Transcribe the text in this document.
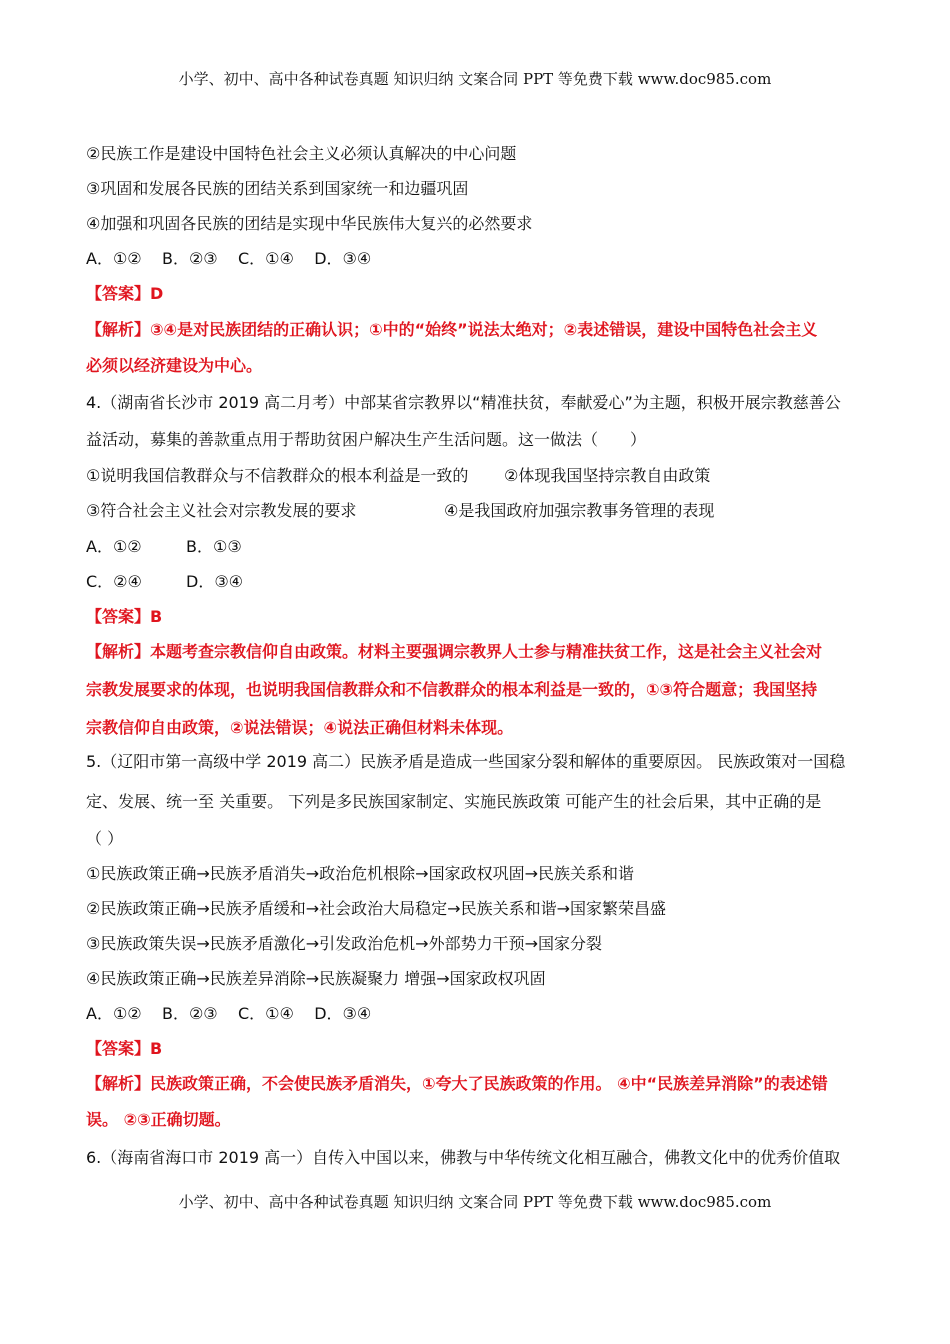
小学、初中、高中各种试卷真题 知识归纳 文案合同 PPT 等免费下载 www.doc985.com
②民族工作是建设中国特色社会主义必须认真解决的中心问题
③巩固和发展各民族的团结关系到国家统一和边疆巩固
④加强和巩固各民族的团结是实现中华民族伟大复兴的必然要求
A．①②    B．②③    C．①④    D．③④
【答案】D
【解析】③④是对民族团结的正确认识；①中的“始终”说法太绝对；②表述错误，建设中国特色社会主义
必须以经济建设为中心。
4.（湖南省长沙市 2019 高二月考）中部某省宗教界以“精准扶贫，奉献爱心”为主题，积极开展宗教慈善公
益活动，募集的善款重点用于帮助贫困户解决生产生活问题。这一做法（　　）
①说明我国信教群众与不信教群众的根本利益是一致的 ②体现我国坚持宗教自由政策
③符合社会主义社会对宗教发展的要求	④是我国政府加强宗教事务管理的表现
A．①②	B．①③
C．②④	D．③④
【答案】B
【解析】本题考查宗教信仰自由政策。材料主要强调宗教界人士参与精准扶贫工作，这是社会主义社会对
宗教发展要求的体现，也说明我国信教群众和不信教群众的根本利益是一致的，①③符合题意；我国坚持
宗教信仰自由政策，②说法错误；④说法正确但材料未体现。
5.（辽阳市第一高级中学 2019 高二）民族矛盾是造成一些国家分裂和解体的重要原因。 民族政策对一国稳
定、发展、统一至 关重要。 下列是多民族国家制定、实施民族政策 可能产生的社会后果，其中正确的是
（ ）
①民族政策正确→民族矛盾消失→政治危机根除→国家政权巩固→民族关系和谐
②民族政策正确→民族矛盾缓和→社会政治大局稳定→民族关系和谐→国家繁荣昌盛
③民族政策失误→民族矛盾激化→引发政治危机→外部势力干预→国家分裂
④民族政策正确→民族差异消除→民族凝聚力 增强→国家政权巩固
A．①②    B．②③    C．①④    D．③④
【答案】B
【解析】民族政策正确，不会使民族矛盾消失，①夸大了民族政策的作用。 ④中“民族差异消除”的表述错
误。 ②③正确切题。
6.（海南省海口市 2019 高一）自传入中国以来，佛教与中华传统文化相互融合，佛教文化中的优秀价值取
小学、初中、高中各种试卷真题 知识归纳 文案合同 PPT 等免费下载 www.doc985.com
